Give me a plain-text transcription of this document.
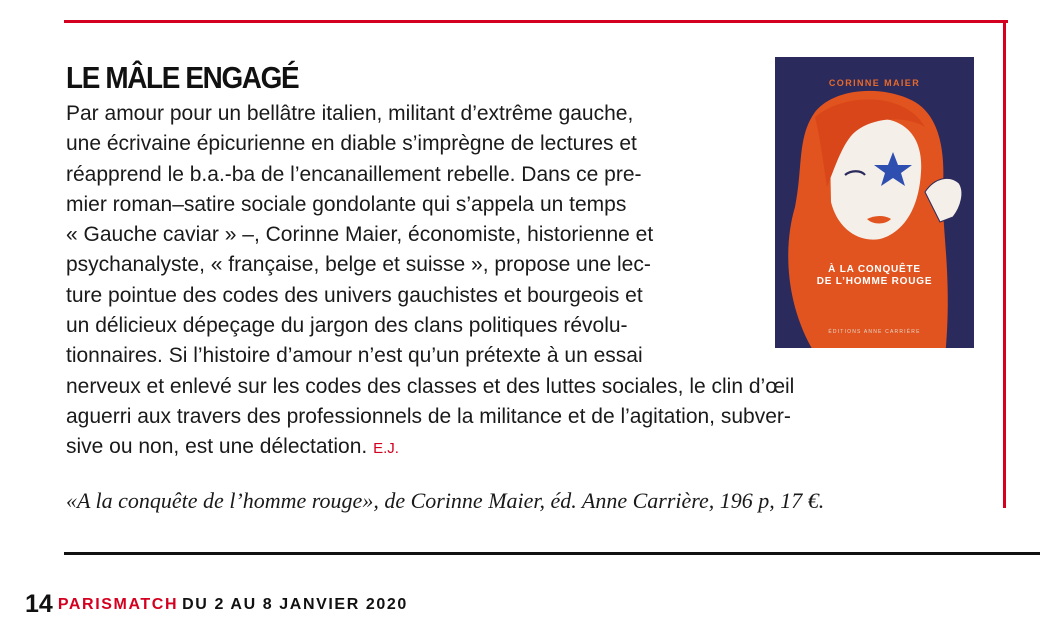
LE MÂLE ENGAGÉ
Par amour pour un bellâtre italien, militant d’extrême gauche,
une écrivaine épicurienne en diable s’imprègne de lectures et
réapprend le b.a.-ba de l’encanaillement rebelle. Dans ce pre-
mier roman–satire sociale gondolante qui s’appela un temps
« Gauche caviar » –, Corinne Maier, économiste, historienne et
psychanalyste, « française, belge et suisse », propose une lec-
ture pointue des codes des univers gauchistes et bourgeois et
un délicieux dépeçage du jargon des clans politiques révolu-
tionnaires. Si l’histoire d’amour n’est qu’un prétexte à un essai
nerveux et enlevé sur les codes des classes et des luttes sociales, le clin d’œil
aguerri aux travers des professionnels de la militance et de l’agitation, subver-
sive ou non, est une délectation. E.J.
CORINNE MAIER
À LA CONQUÊTE
DE L’HOMME ROUGE
ÉDITIONS ANNE CARRIÈRE
«A la conquête de l’homme rouge», de Corinne Maier, éd. Anne Carrière, 196 p, 17 €.
14 PARISMATCH DU 2 AU 8 JANVIER 2020
